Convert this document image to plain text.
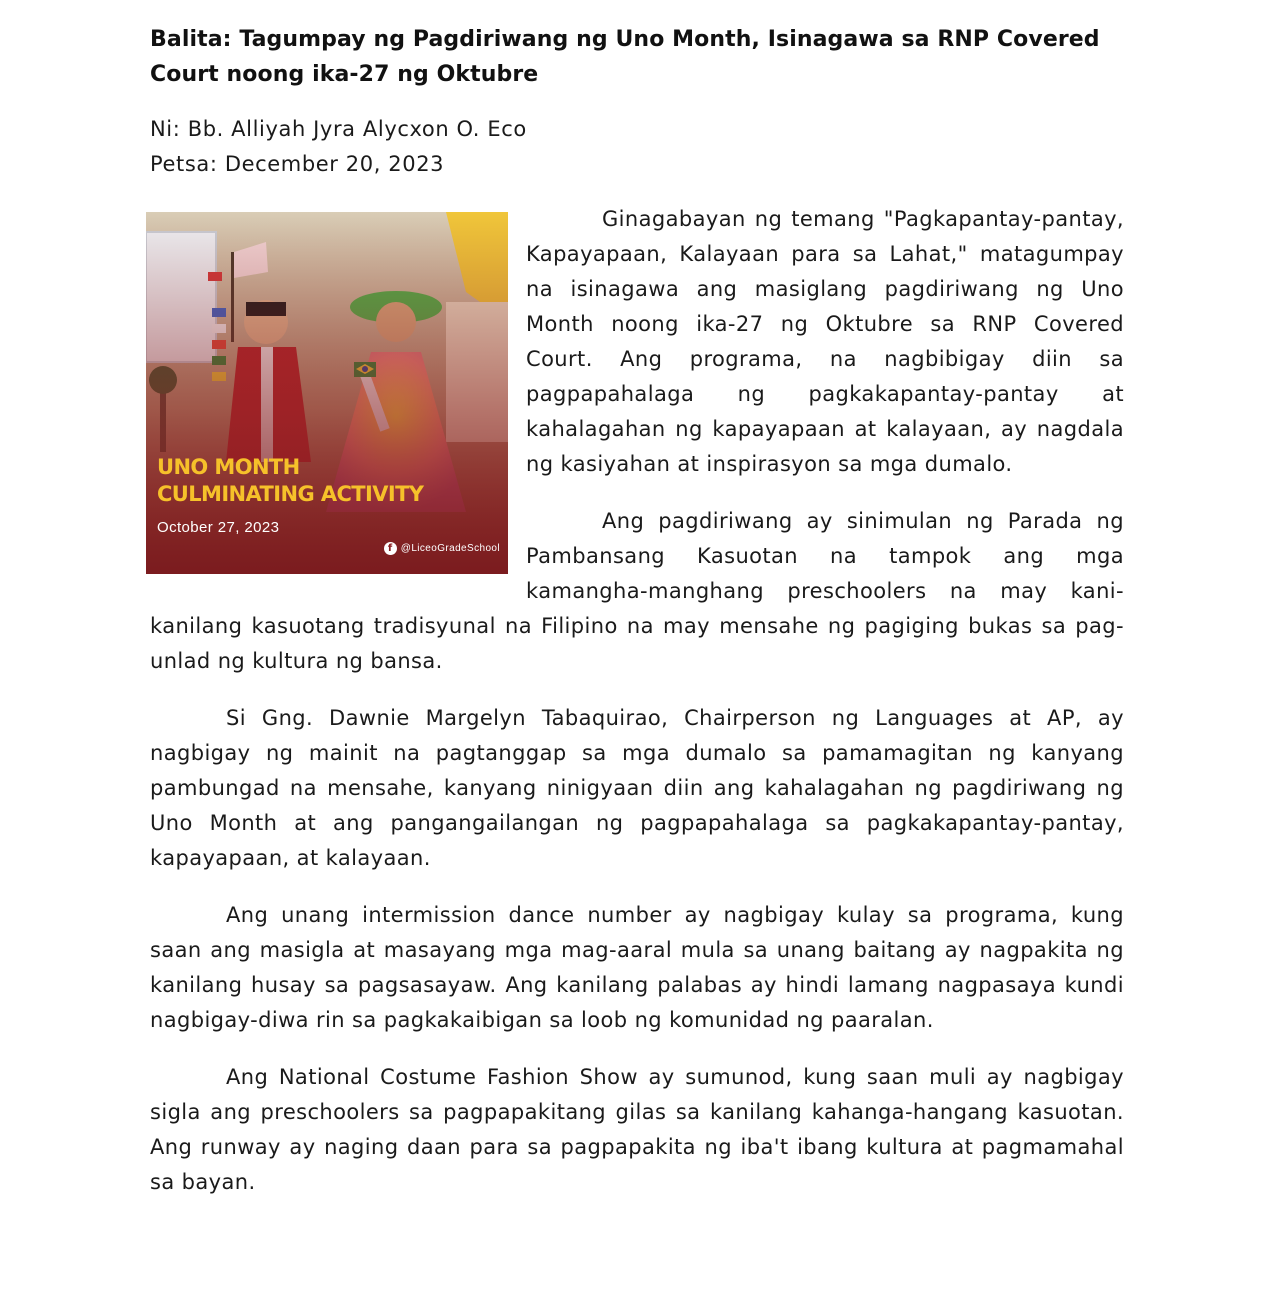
Balita: Tagumpay ng Pagdiriwang ng Uno Month, Isinagawa sa RNP Covered Court noong ika-27 ng Oktubre
Ni: Bb. Alliyah Jyra Alycxon O. Eco
Petsa: December 20, 2023

UNO MONTH
CULMINATING ACTIVITY
October 27, 2023
f @LiceoGradeSchool
Ginagabayan ng temang "Pagkapantay-pantay, Kapayapaan, Kalayaan para sa Lahat," matagumpay na isinagawa ang masiglang pagdiriwang ng Uno Month noong ika-27 ng Oktubre sa RNP Covered Court. Ang programa, na nagbibigay diin sa pagpapahalaga ng pagkakapantay-pantay at kahalagahan ng kapayapaan at kalayaan, ay nagdala ng kasiyahan at inspirasyon sa mga dumalo.

Ang pagdiriwang ay sinimulan ng Parada ng Pambansang Kasuotan na tampok ang mga kamangha-manghang preschoolers na may kani-kanilang kasuotang tradisyunal na Filipino na may mensahe ng pagiging bukas sa pag-unlad ng kultura ng bansa.

Si Gng. Dawnie Margelyn Tabaquirao, Chairperson ng Languages at AP, ay nagbigay ng mainit na pagtanggap sa mga dumalo sa pamamagitan ng kanyang pambungad na mensahe, kanyang ninigyaan diin ang kahalagahan ng pagdiriwang ng Uno Month at ang pangangailangan ng pagpapahalaga sa pagkakapantay-pantay, kapayapaan, at kalayaan.

Ang unang intermission dance number ay nagbigay kulay sa programa, kung saan ang masigla at masayang mga mag-aaral mula sa unang baitang ay nagpakita ng kanilang husay sa pagsasayaw. Ang kanilang palabas ay hindi lamang nagpasaya kundi nagbigay-diwa rin sa pagkakaibigan sa loob ng komunidad ng paaralan.

Ang National Costume Fashion Show ay sumunod, kung saan muli ay nagbigay sigla ang preschoolers sa pagpapakitang gilas sa kanilang kahanga-hangang kasuotan. Ang runway ay naging daan para sa pagpapakita ng iba't ibang kultura at pagmamahal sa bayan.
